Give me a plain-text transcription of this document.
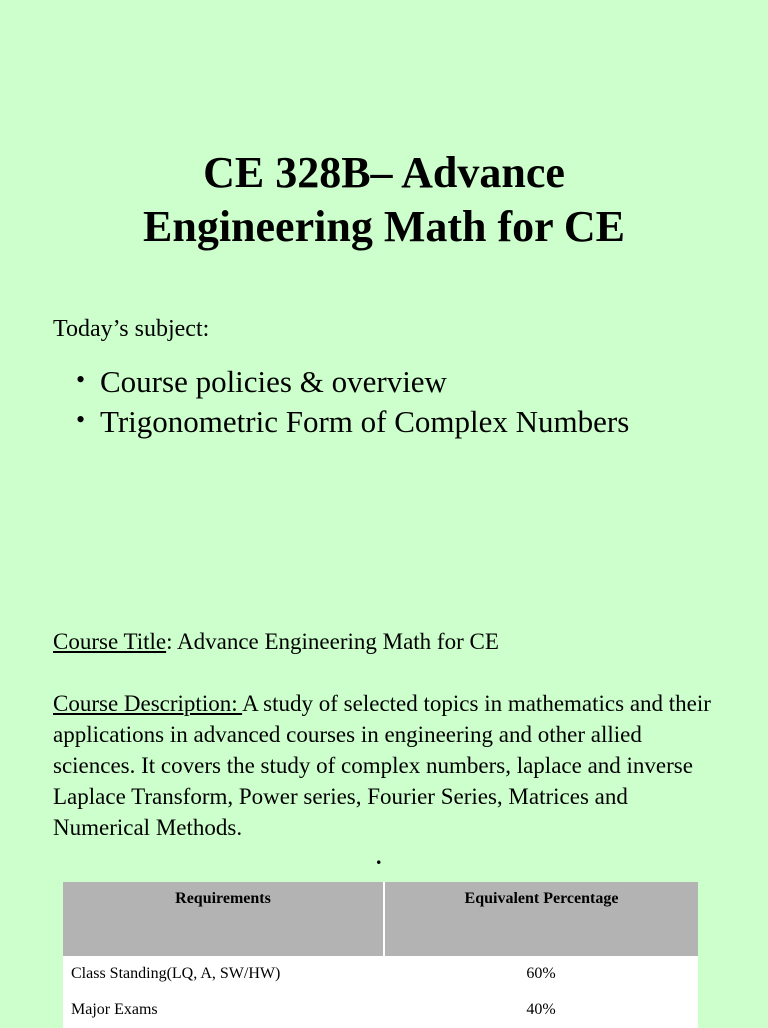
CE 328B– Advance
Engineering Math for CE

Today’s subject:

• Course policies & overview
• Trigonometric Form of Complex Numbers

Course Title: Advance Engineering Math for CE

Course Description: A study of selected topics in mathematics and their applications in advanced courses in engineering and other allied sciences. It covers the study of complex numbers, laplace and inverse Laplace Transform, Power series, Fourier Series, Matrices and Numerical Methods.

.
Requirements	Equivalent Percentage
Class Standing(LQ, A, SW/HW)	60%
Major Exams	40%
